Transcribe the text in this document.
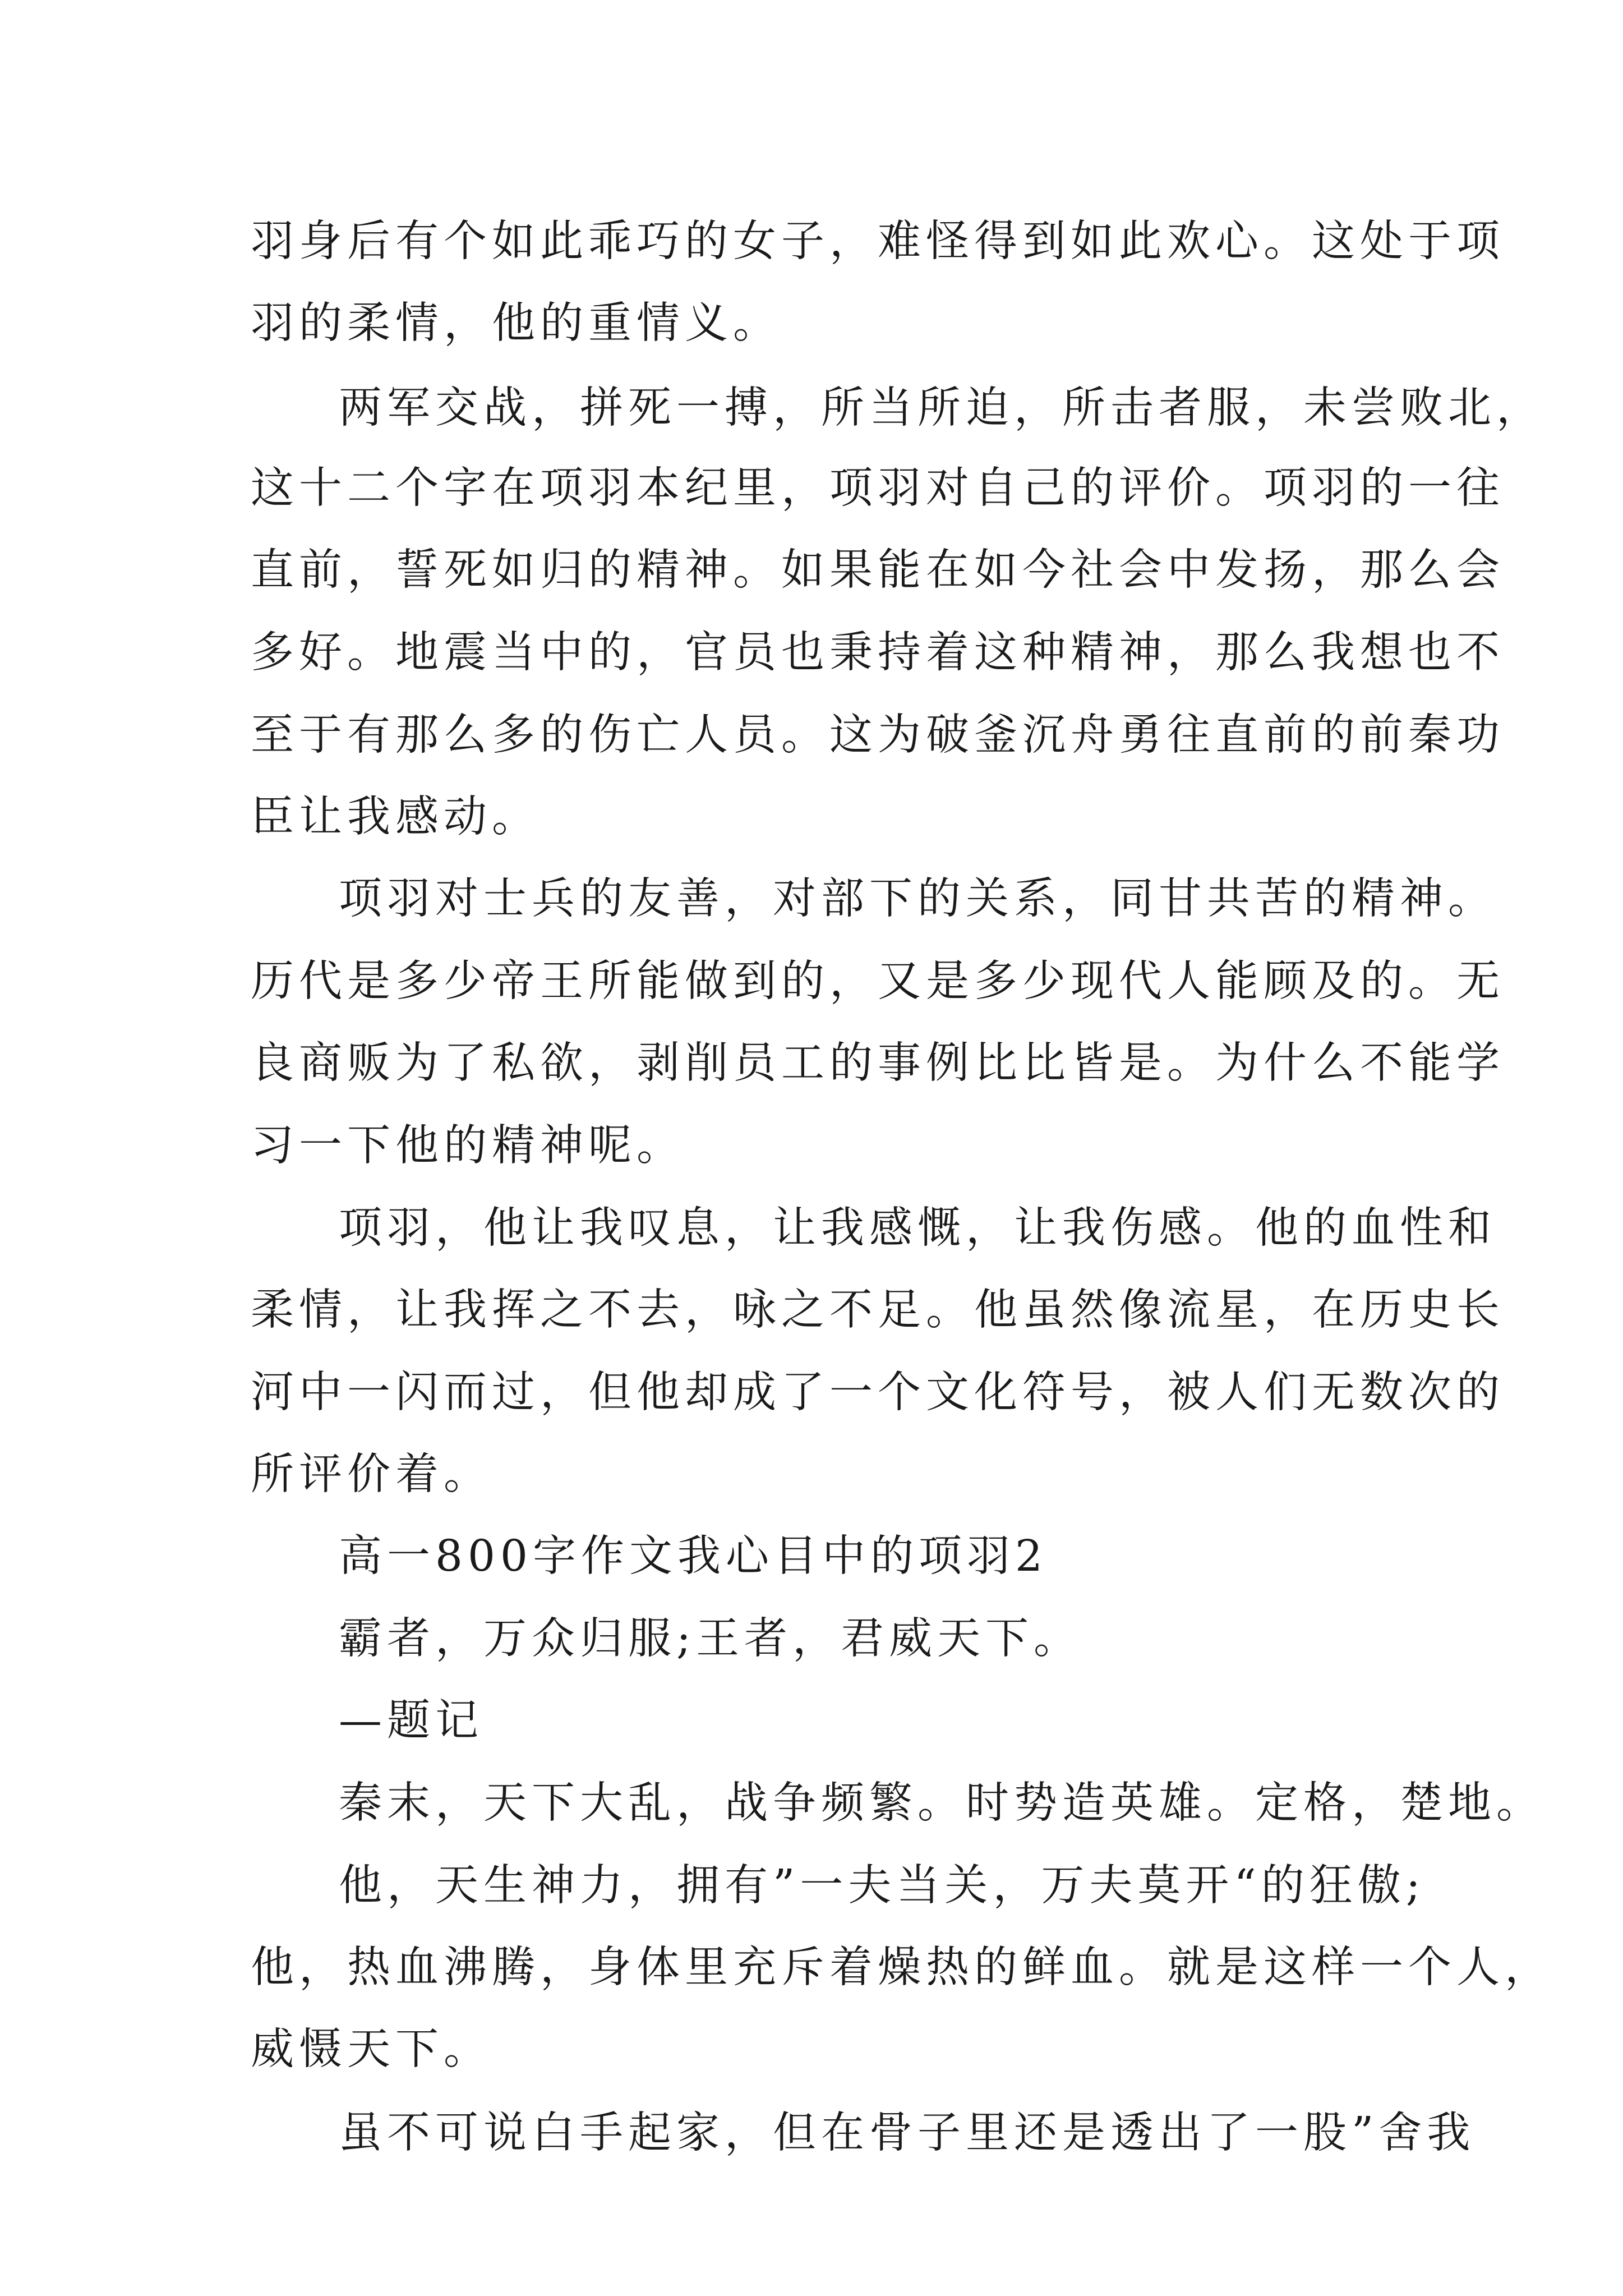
羽身后有个如此乖巧的女子，难怪得到如此欢心。这处于项

羽的柔情，他的重情义。

两军交战，拼死一搏，所当所迫，所击者服，未尝败北，

这十二个字在项羽本纪里，项羽对自己的评价。项羽的一往

直前，誓死如归的精神。如果能在如今社会中发扬，那么会

多好。地震当中的，官员也秉持着这种精神，那么我想也不

至于有那么多的伤亡人员。这为破釜沉舟勇往直前的前秦功

臣让我感动。

项羽对士兵的友善，对部下的关系，同甘共苦的精神。

历代是多少帝王所能做到的，又是多少现代人能顾及的。无

良商贩为了私欲，剥削员工的事例比比皆是。为什么不能学

习一下他的精神呢。

项羽，他让我叹息，让我感慨，让我伤感。他的血性和

柔情，让我挥之不去，咏之不足。他虽然像流星，在历史长

河中一闪而过，但他却成了一个文化符号，被人们无数次的

所评价着。

高一800字作文我心目中的项羽2

霸者，万众归服;王者，君威天下。

—题记

秦末，天下大乱，战争频繁。时势造英雄。定格，楚地。

他，天生神力，拥有”一夫当关，万夫莫开“的狂傲;

他，热血沸腾，身体里充斥着燥热的鲜血。就是这样一个人，

威慑天下。

虽不可说白手起家，但在骨子里还是透出了一股”舍我
